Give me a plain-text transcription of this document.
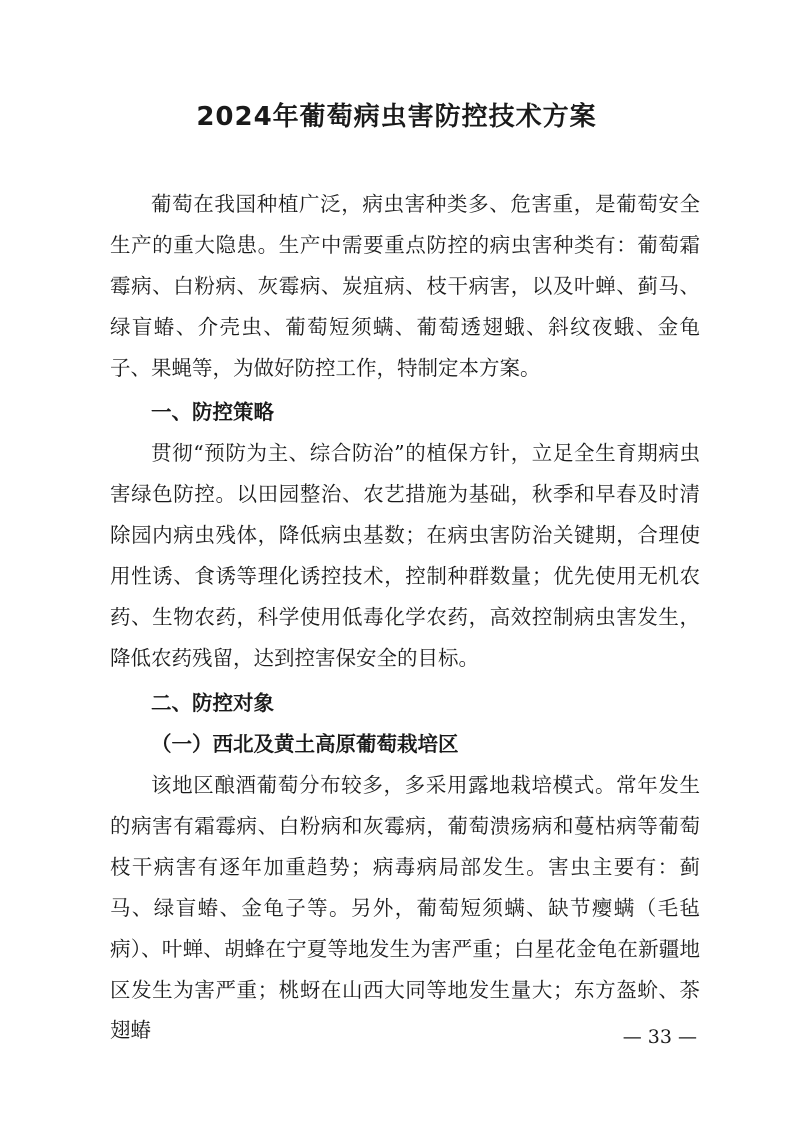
2024年葡萄病虫害防控技术方案

葡萄在我国种植广泛，病虫害种类多、危害重，是葡萄安全生产的重大隐患。生产中需要重点防控的病虫害种类有：葡萄霜霉病、白粉病、灰霉病、炭疽病、枝干病害，以及叶蝉、蓟马、绿盲蝽、介壳虫、葡萄短须螨、葡萄透翅蛾、斜纹夜蛾、金龟子、果蝇等，为做好防控工作，特制定本方案。

一、防控策略

贯彻“预防为主、综合防治”的植保方针，立足全生育期病虫害绿色防控。以田园整治、农艺措施为基础，秋季和早春及时清除园内病虫残体，降低病虫基数；在病虫害防治关键期，合理使用性诱、食诱等理化诱控技术，控制种群数量；优先使用无机农药、生物农药，科学使用低毒化学农药，高效控制病虫害发生，降低农药残留，达到控害保安全的目标。

二、防控对象

（一）西北及黄土高原葡萄栽培区

该地区酿酒葡萄分布较多，多采用露地栽培模式。常年发生的病害有霜霉病、白粉病和灰霉病，葡萄溃疡病和蔓枯病等葡萄枝干病害有逐年加重趋势；病毒病局部发生。害虫主要有：蓟马、绿盲蝽、金龟子等。另外，葡萄短须螨、缺节瘿螨（毛毡病）、叶蝉、胡蜂在宁夏等地发生为害严重；白星花金龟在新疆地区发生为害严重；桃蚜在山西大同等地发生量大；东方盔蚧、茶翅蝽	— 33 —
